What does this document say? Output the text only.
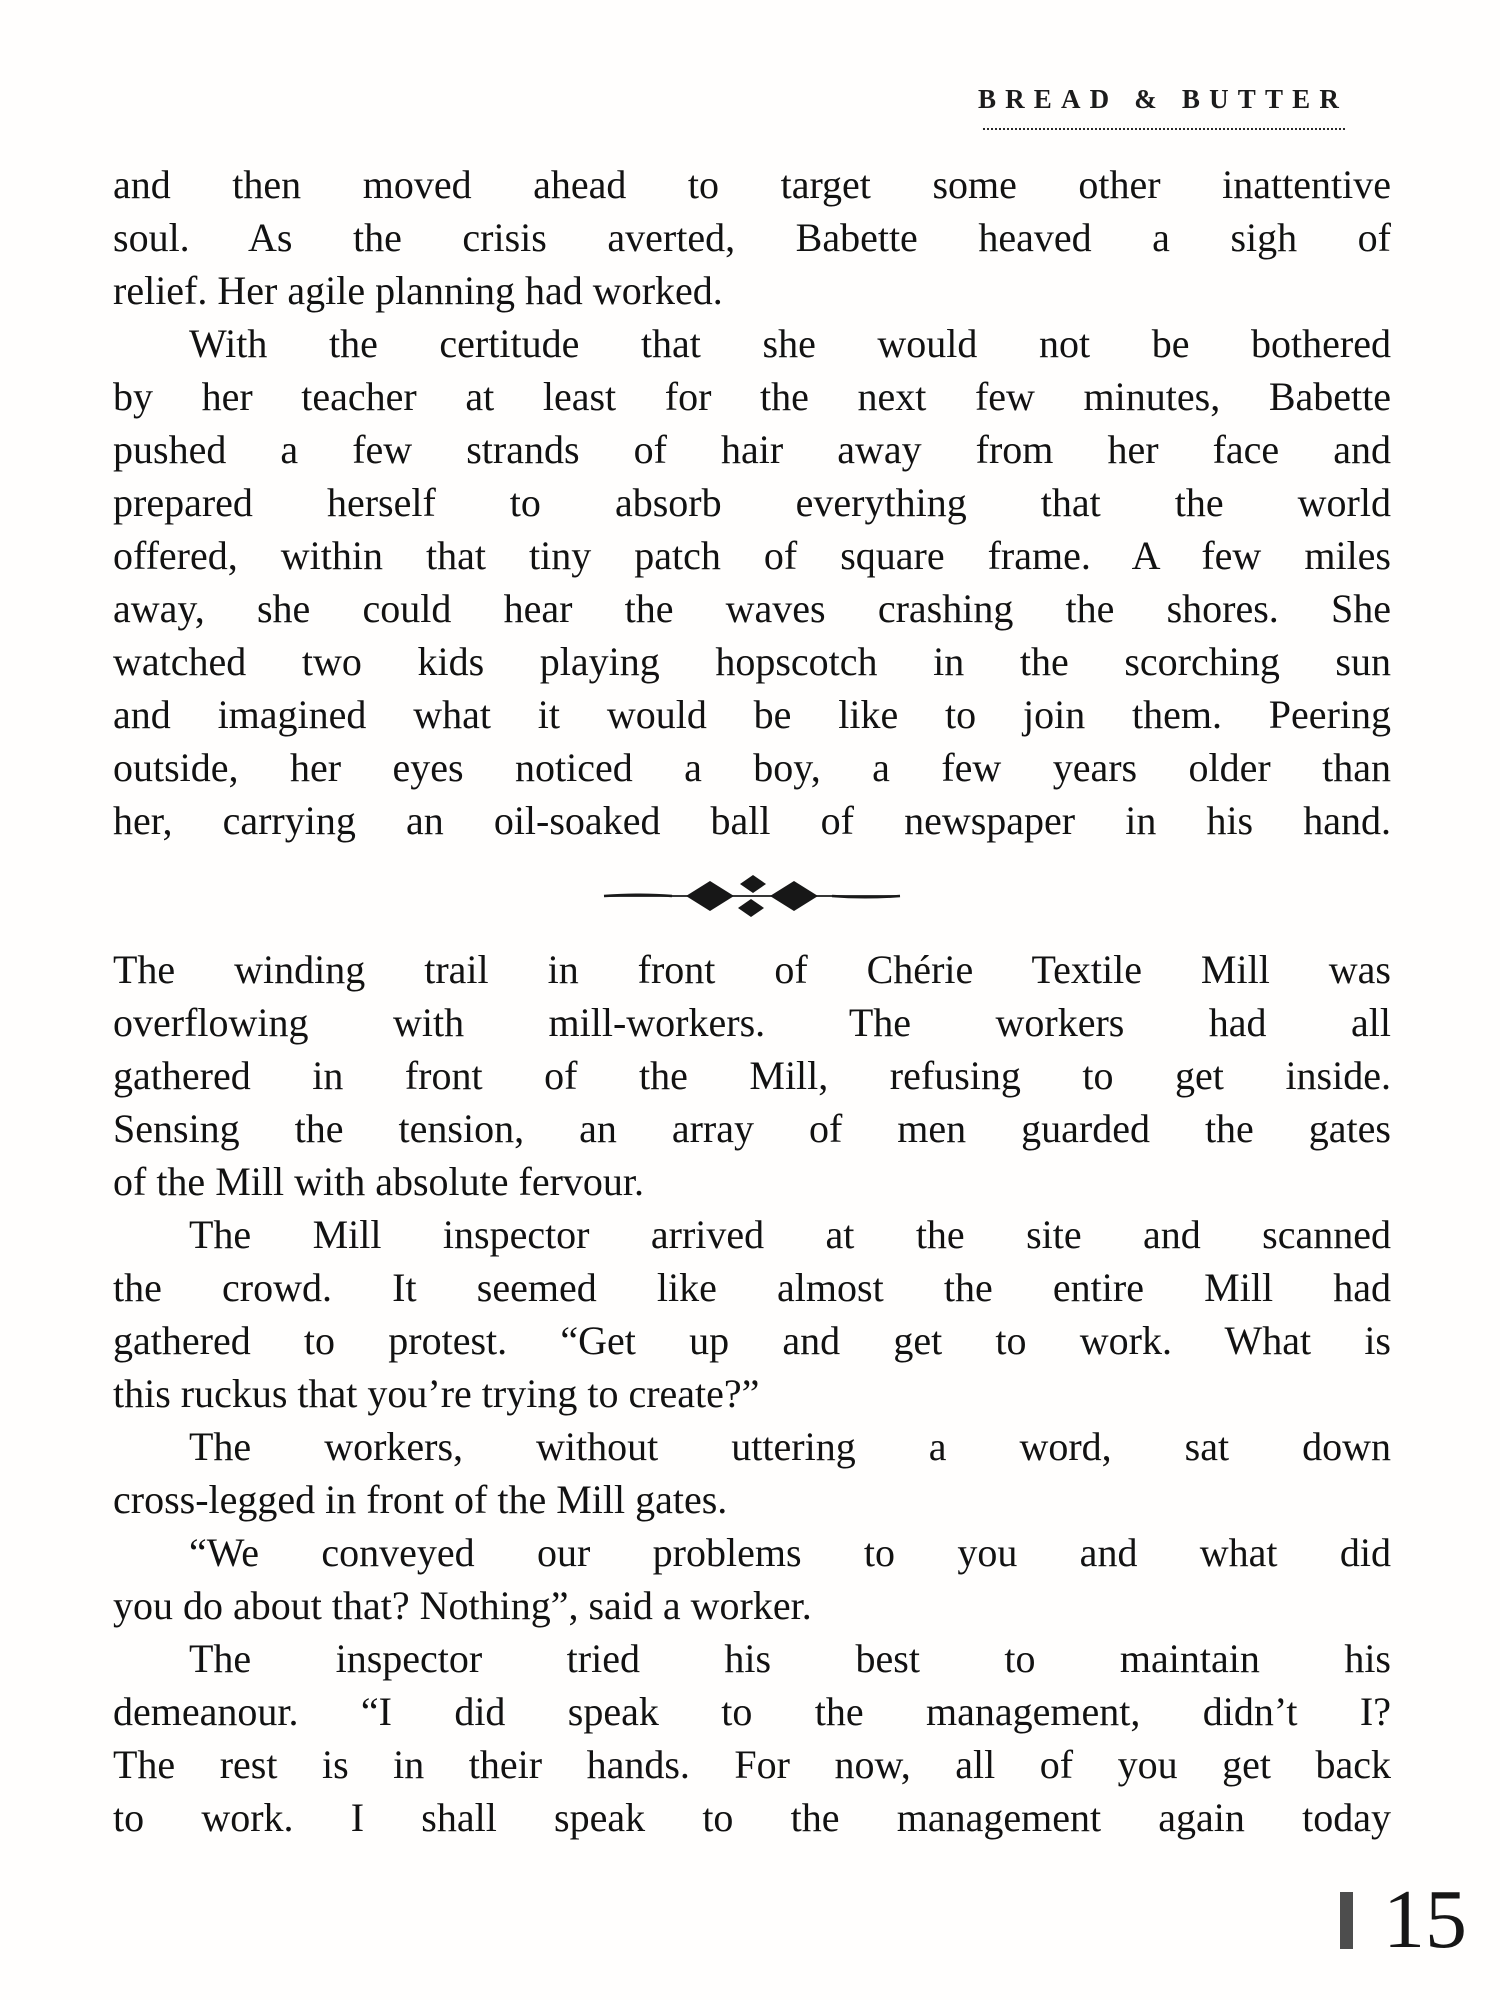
BREAD & BUTTER
and then moved ahead to target some other inattentive
soul. As the crisis averted, Babette heaved a sigh of
relief. Her agile planning had worked.
With the certitude that she would not be bothered
by her teacher at least for the next few minutes, Babette
pushed a few strands of hair away from her face and
prepared herself to absorb everything that the world
offered, within that tiny patch of square frame. A few miles
away, she could hear the waves crashing the shores. She
watched two kids playing hopscotch in the scorching sun
and imagined what it would be like to join them. Peering
outside, her eyes noticed a boy, a few years older than
her, carrying an oil-soaked ball of newspaper in his hand.
The winding trail in front of Chérie Textile Mill was
overflowing with mill-workers. The workers had all
gathered in front of the Mill, refusing to get inside.
Sensing the tension, an array of men guarded the gates
of the Mill with absolute fervour.
The Mill inspector arrived at the site and scanned
the crowd. It seemed like almost the entire Mill had
gathered to protest. “Get up and get to work. What is
this ruckus that you’re trying to create?”
The workers, without uttering a word, sat down
cross-legged in front of the Mill gates.
“We conveyed our problems to you and what did
you do about that? Nothing”, said a worker.
The inspector tried his best to maintain his
demeanour. “I did speak to the management, didn’t I?
The rest is in their hands. For now, all of you get back
to work. I shall speak to the management again today
15
